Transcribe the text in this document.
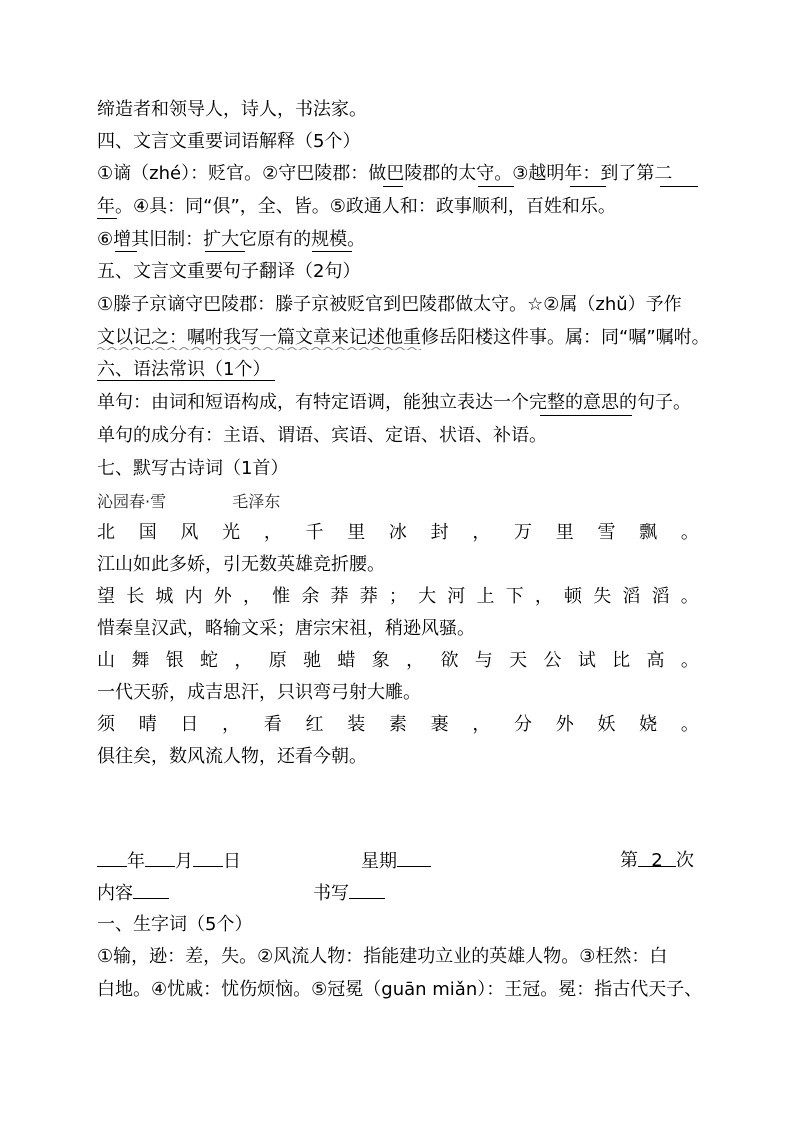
缔造者和领导人，诗人，书法家。
四、文言文重要词语解释（5个）
①谪（zhé）：贬官。②守巴陵郡：做巴陵郡的太守。③越明年：到了第二
年。④具：同“俱”，全、皆。⑤政通人和：政事顺利，百姓和乐。
⑥增其旧制：扩大它原有的规模。
五、文言文重要句子翻译（2句）
①滕子京谪守巴陵郡：滕子京被贬官到巴陵郡做太守。☆②属（zhǔ）予作
文以记之：嘱咐我写一篇文章来记述他重修岳阳楼这件事。属：同“嘱”嘱咐。
六、语法常识（1个）
单句：由词和短语构成，有特定语调，能独立表达一个完整的意思的句子。
单句的成分有：主语、谓语、宾语、定语、状语、补语。
七、默写古诗词（1首）
沁园春·雪	毛泽东
北 国 风 光 ， 千 里 冰 封 ， 万 里 雪 飘 。
江山如此多娇，引无数英雄竞折腰。
望 长 城 内 外 ， 惟 余 莽 莽 ； 大 河 上 下 ， 顿 失 滔 滔 。
惜秦皇汉武，略输文采；唐宗宋祖，稍逊风骚。
山 舞 银 蛇 ， 原 驰 蜡 象 ， 欲 与 天 公 试 比 高 。
一代天骄，成吉思汗，只识弯弓射大雕。
须 晴 日 ， 看 红 装 素 裹 ， 分 外 妖 娆 。
俱往矣，数风流人物，还看今朝。
年 月 日	星期	第 2 次
内容	书写
一、生字词（5个）
①输，逊：差，失。②风流人物：指能建功立业的英雄人物。③枉然：白
白地。④忧戚：忧伤烦恼。⑤冠冕（guān miǎn）：王冠。冕：指古代天子、
